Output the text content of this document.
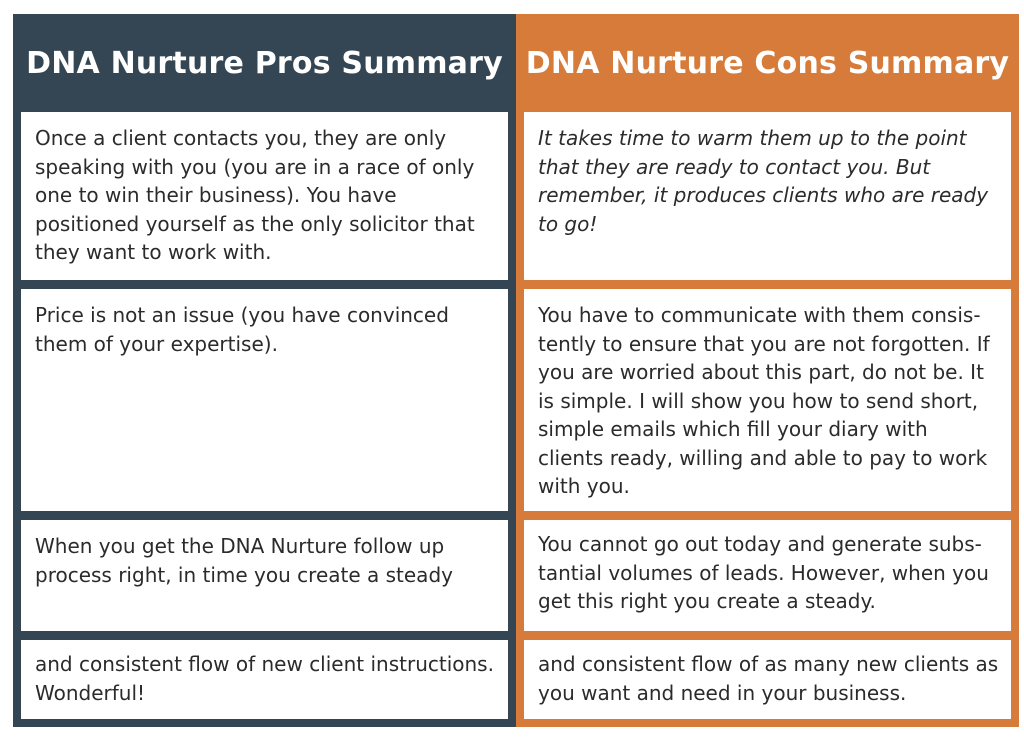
DNA Nurture Pros Summary
Once a client contacts you, they are only speaking with you (you are in a race of only one to win their business). You have positioned yourself as the only solicitor that they want to work with.
Price is not an issue (you have convinced them of your expertise).
When you get the DNA Nurture follow up process right, in time you create a steady
and consistent flow of new client instructions. Wonderful!
DNA Nurture Cons Summary
It takes time to warm them up to the point that they are ready to contact you. But remember, it produces clients who are ready to go!
You have to communicate with them consistently to ensure that you are not forgotten. If you are worried about this part, do not be. It is simple. I will show you how to send short, simple emails which fill your diary with clients ready, willing and able to pay to work with you.
You cannot go out today and generate substantial volumes of leads. However, when you get this right you create a steady.
and consistent flow of as many new clients as you want and need in your business.
